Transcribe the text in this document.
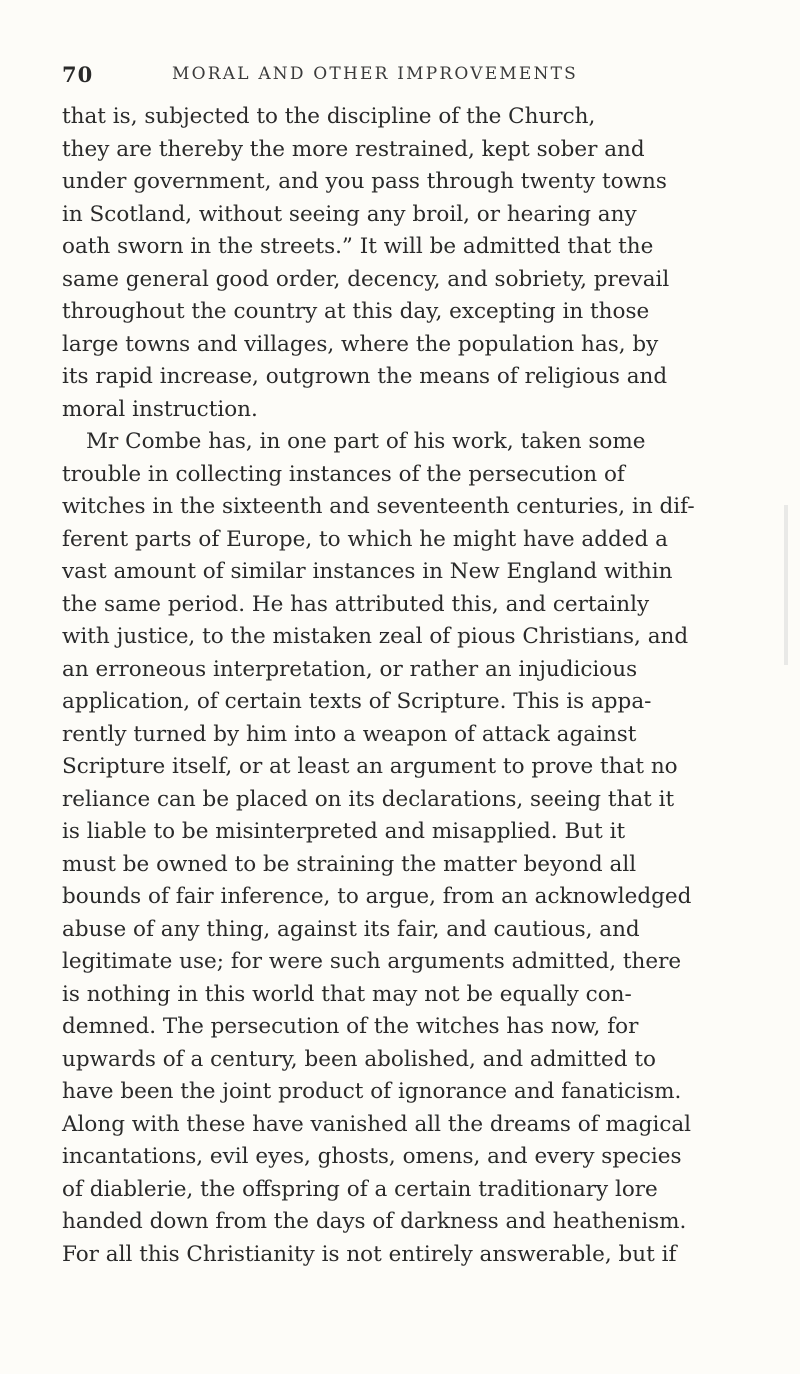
70	MORAL AND OTHER IMPROVEMENTS
that is, subjected to the discipline of the Church,
they are thereby the more restrained, kept sober and
under government, and you pass through twenty towns
in Scotland, without seeing any broil, or hearing any
oath sworn in the streets.” It will be admitted that the
same general good order, decency, and sobriety, prevail
throughout the country at this day, excepting in those
large towns and villages, where the population has, by
its rapid increase, outgrown the means of religious and
moral instruction.
Mr Combe has, in one part of his work, taken some
trouble in collecting instances of the persecution of
witches in the sixteenth and seventeenth centuries, in dif-
ferent parts of Europe, to which he might have added a
vast amount of similar instances in New England within
the same period. He has attributed this, and certainly
with justice, to the mistaken zeal of pious Christians, and
an erroneous interpretation, or rather an injudicious
application, of certain texts of Scripture. This is appa-
rently turned by him into a weapon of attack against
Scripture itself, or at least an argument to prove that no
reliance can be placed on its declarations, seeing that it
is liable to be misinterpreted and misapplied. But it
must be owned to be straining the matter beyond all
bounds of fair inference, to argue, from an acknowledged
abuse of any thing, against its fair, and cautious, and
legitimate use; for were such arguments admitted, there
is nothing in this world that may not be equally con-
demned. The persecution of the witches has now, for
upwards of a century, been abolished, and admitted to
have been the joint product of ignorance and fanaticism.
Along with these have vanished all the dreams of magical
incantations, evil eyes, ghosts, omens, and every species
of diablerie, the offspring of a certain traditionary lore
handed down from the days of darkness and heathenism.
For all this Christianity is not entirely answerable, but if
